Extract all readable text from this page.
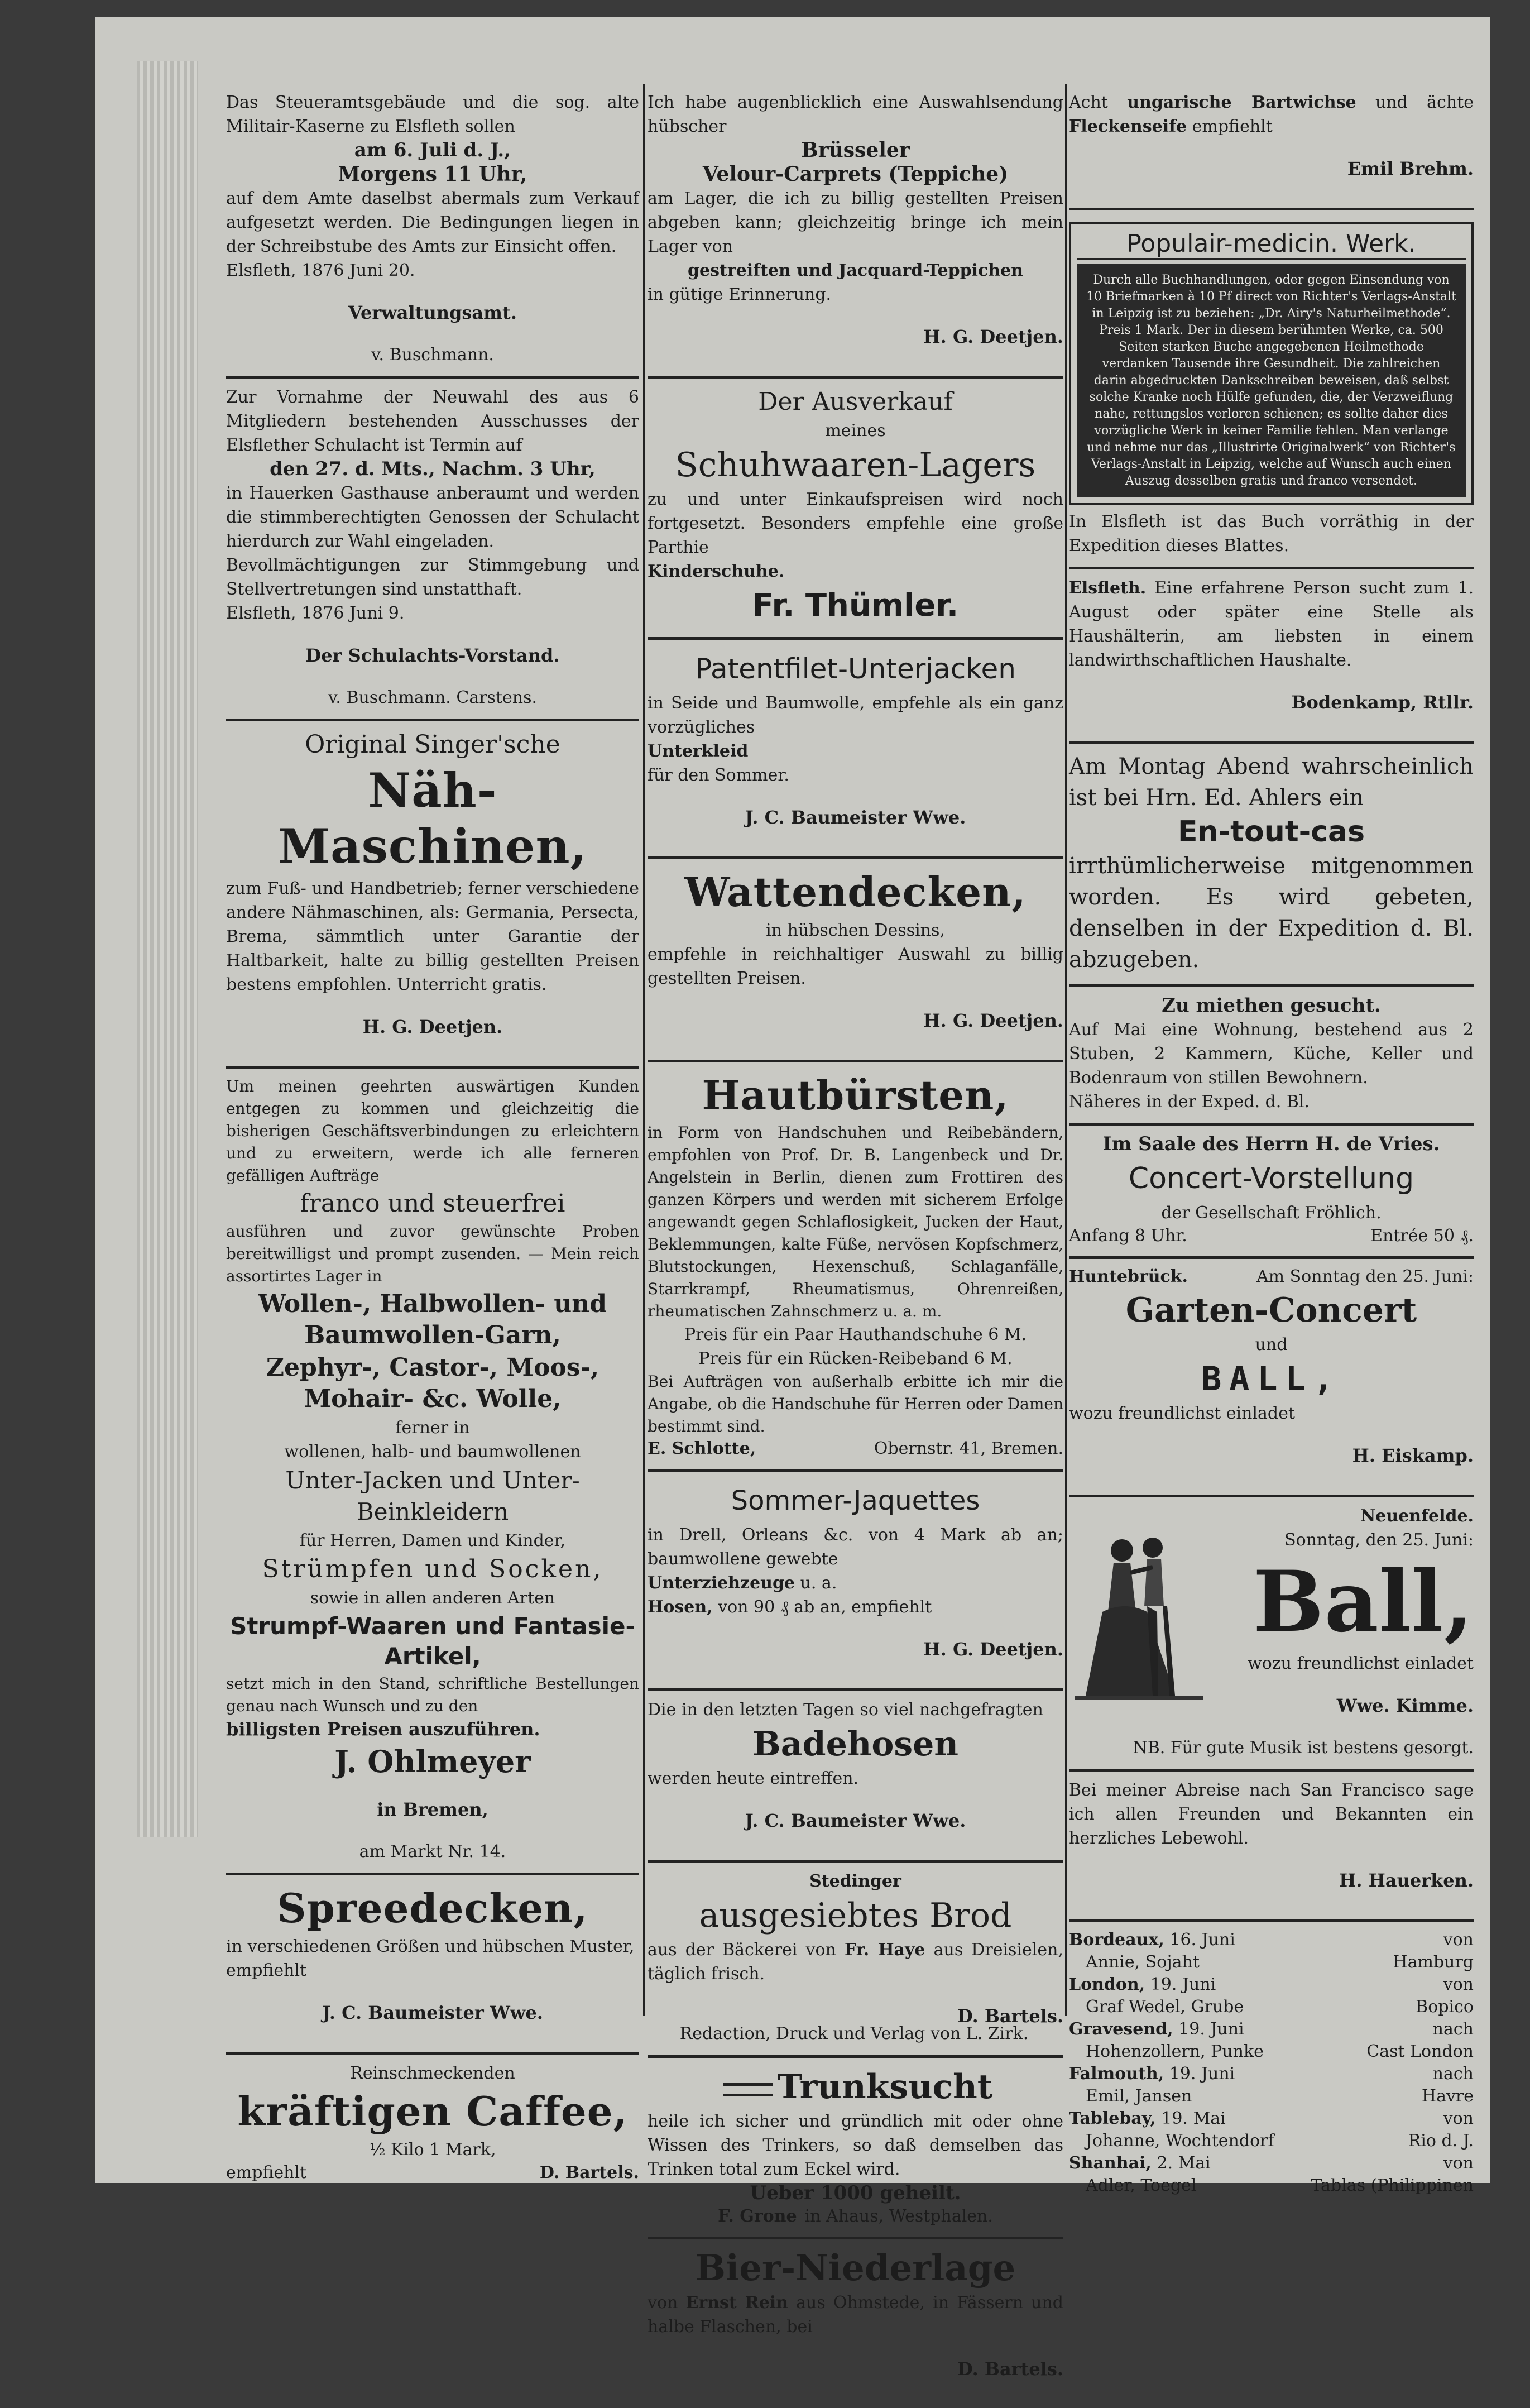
Das Steueramtsgebäude und die sog. alte Militair-Kaserne zu Elsfleth sollen

am 6. Juli d. J.,

Morgens 11 Uhr,

auf dem Amte daselbst abermals zum Verkauf aufgesetzt werden. Die Bedingungen liegen in der Schreibstube des Amts zur Einsicht offen.

Elsfleth, 1876 Juni 20.

Verwaltungsamt.

v. Buschmann.

Zur Vornahme der Neuwahl des aus 6 Mitgliedern bestehenden Ausschusses der Elsflether Schulacht ist Termin auf

den 27. d. Mts., Nachm. 3 Uhr,

in Hauerken Gasthause anberaumt und werden die stimmberechtigten Genossen der Schulacht hierdurch zur Wahl eingeladen.

Bevollmächtigungen zur Stimmgebung und Stellvertretungen sind unstatthaft.

Elsfleth, 1876 Juni 9.

Der Schulachts-Vorstand.

v. Buschmann. Carstens.

Original Singer'sche

Näh-Maschinen,

zum Fuß- und Handbetrieb; ferner verschiedene andere Nähmaschinen, als: Germania, Persecta, Brema, sämmtlich unter Garantie der Haltbarkeit, halte zu billig gestellten Preisen bestens empfohlen. Unterricht gratis.

H. G. Deetjen.

Um meinen geehrten auswärtigen Kunden entgegen zu kommen und gleichzeitig die bisherigen Geschäftsverbindungen zu erleichtern und zu erweitern, werde ich alle ferneren gefälligen Aufträge

franco und steuerfrei

ausführen und zuvor gewünschte Proben bereitwilligst und prompt zusenden. — Mein reich assortirtes Lager in

Wollen-, Halbwollen- und Baumwollen-Garn,

Zephyr-, Castor-, Moos-, Mohair- &c. Wolle,

ferner in

wollenen, halb- und baumwollenen

Unter-Jacken und Unter-Beinkleidern

für Herren, Damen und Kinder,

Strümpfen und Socken,

sowie in allen anderen Arten

Strumpf-Waaren und Fantasie-Artikel,

setzt mich in den Stand, schriftliche Bestellungen genau nach Wunsch und zu den

billigsten Preisen auszuführen.

J. Ohlmeyer

in Bremen,

am Markt Nr. 14.

Spreedecken,

in verschiedenen Größen und hübschen Muster, empfiehlt

J. C. Baumeister Wwe.

Reinschmeckenden

kräftigen Caffee,

½ Kilo 1 Mark,

empfiehlt	D. Bartels.

Ich habe augenblicklich eine Auswahlsendung hübscher

Brüsseler

Velour-Carprets (Teppiche)

am Lager, die ich zu billig gestellten Preisen abgeben kann; gleichzeitig bringe ich mein Lager von

gestreiften und Jacquard-Teppichen

in gütige Erinnerung.

H. G. Deetjen.

Der Ausverkauf

meines

Schuhwaaren-Lagers

zu und unter Einkaufspreisen wird noch fortgesetzt. Besonders empfehle eine große Parthie

Kinderschuhe.

Fr. Thümler.

Patentfilet-Unterjacken

in Seide und Baumwolle, empfehle als ein ganz vorzügliches

Unterkleid

für den Sommer.

J. C. Baumeister Wwe.

Wattendecken,

in hübschen Dessins,

empfehle in reichhaltiger Auswahl zu billig gestellten Preisen.

H. G. Deetjen.

Hautbürsten,

in Form von Handschuhen und Reibebändern, empfohlen von Prof. Dr. B. Langenbeck und Dr. Angelstein in Berlin, dienen zum Frottiren des ganzen Körpers und werden mit sicherem Erfolge angewandt gegen Schlaflosigkeit, Jucken der Haut, Beklemmungen, kalte Füße, nervösen Kopfschmerz, Blutstockungen, Hexenschuß, Schlaganfälle, Starrkrampf, Rheumatismus, Ohrenreißen, rheumatischen Zahnschmerz u. a. m.

Preis für ein Paar Hauthandschuhe 6 M.

Preis für ein Rücken-Reibeband 6 M.

Bei Aufträgen von außerhalb erbitte ich mir die Angabe, ob die Handschuhe für Herren oder Damen bestimmt sind.

E. Schlotte,	Obernstr. 41, Bremen.

Sommer-Jaquettes

in Drell, Orleans &c. von 4 Mark ab an; baumwollene gewebte

Unterziehzeuge u. a.

Hosen, von 90 ₰ ab an, empfiehlt

H. G. Deetjen.

Die in den letzten Tagen so viel nachgefragten

Badehosen

werden heute eintreffen.

J. C. Baumeister Wwe.

Stedinger

ausgesiebtes Brod

aus der Bäckerei von Fr. Haye aus Dreisielen, täglich frisch.

D. Bartels.

Trunksucht

heile ich sicher und gründlich mit oder ohne Wissen des Trinkers, so daß demselben das Trinken total zum Eckel wird.

Ueber 1000 geheilt.

F. Grone in Ahaus, Westphalen.

Bier-Niederlage

von Ernst Rein aus Ohmstede, in Fässern und halbe Flaschen, bei

D. Bartels.

Acht ungarische Bartwichse und ächte Fleckenseife empfiehlt

Emil Brehm.

Populair-medicin. Werk.
Durch alle Buchhandlungen, oder gegen Einsendung von 10 Briefmarken à 10 Pf direct von Richter's Verlags-Anstalt in Leipzig ist zu beziehen: „Dr. Airy's Naturheilmethode“. Preis 1 Mark. Der in diesem berühmten Werke, ca. 500 Seiten starken Buche angegebenen Heilmethode verdanken Tausende ihre Gesundheit. Die zahlreichen darin abgedruckten Dankschreiben beweisen, daß selbst solche Kranke noch Hülfe gefunden, die, der Verzweiflung nahe, rettungslos verloren schienen; es sollte daher dies vorzügliche Werk in keiner Familie fehlen. Man verlange und nehme nur das „Illustrirte Originalwerk“ von Richter's Verlags-Anstalt in Leipzig, welche auf Wunsch auch einen Auszug desselben gratis und franco versendet.

In Elsfleth ist das Buch vorräthig in der Expedition dieses Blattes.

Elsfleth. Eine erfahrene Person sucht zum 1. August oder später eine Stelle als Haushälterin, am liebsten in einem landwirthschaftlichen Haushalte.

Bodenkamp, Rtllr.

Am Montag Abend wahrscheinlich ist bei Hrn. Ed. Ahlers ein

En-tout-cas

irrthümlicherweise mitgenommen worden. Es wird gebeten, denselben in der Expedition d. Bl. abzugeben.

Zu miethen gesucht.

Auf Mai eine Wohnung, bestehend aus 2 Stuben, 2 Kammern, Küche, Keller und Bodenraum von stillen Bewohnern.

Näheres in der Exped. d. Bl.

Im Saale des Herrn H. de Vries.

Concert-Vorstellung

der Gesellschaft Fröhlich.

Anfang 8 Uhr.	Entrée 50 ₰.
Huntebrück.	Am Sonntag den 25. Juni:

Garten-Concert

und

BALL,

wozu freundlichst einladet

H. Eiskamp.

Neuenfelde.

Sonntag, den 25. Juni:

Ball,

wozu freundlichst einladet

Wwe. Kimme.

NB. Für gute Musik ist bestens gesorgt.

Bei meiner Abreise nach San Francisco sage ich allen Freunden und Bekannten ein herzliches Lebewohl.

H. Hauerken.

Bordeaux, 16. Juni	von
Annie, Sojaht	Hamburg
London, 19. Juni	von
Graf Wedel, Grube	Bopico
Gravesend, 19. Juni	nach
Hohenzollern, Punke	Cast London
Falmouth, 19. Juni	nach
Emil, Jansen	Havre
Tablebay, 19. Mai	von
Johanne, Wochtendorf	Rio d. J.
Shanhai, 2. Mai	von
Adler, Toegel	Tablas (Philippinen
Redaction, Druck und Verlag von L. Zirk.
